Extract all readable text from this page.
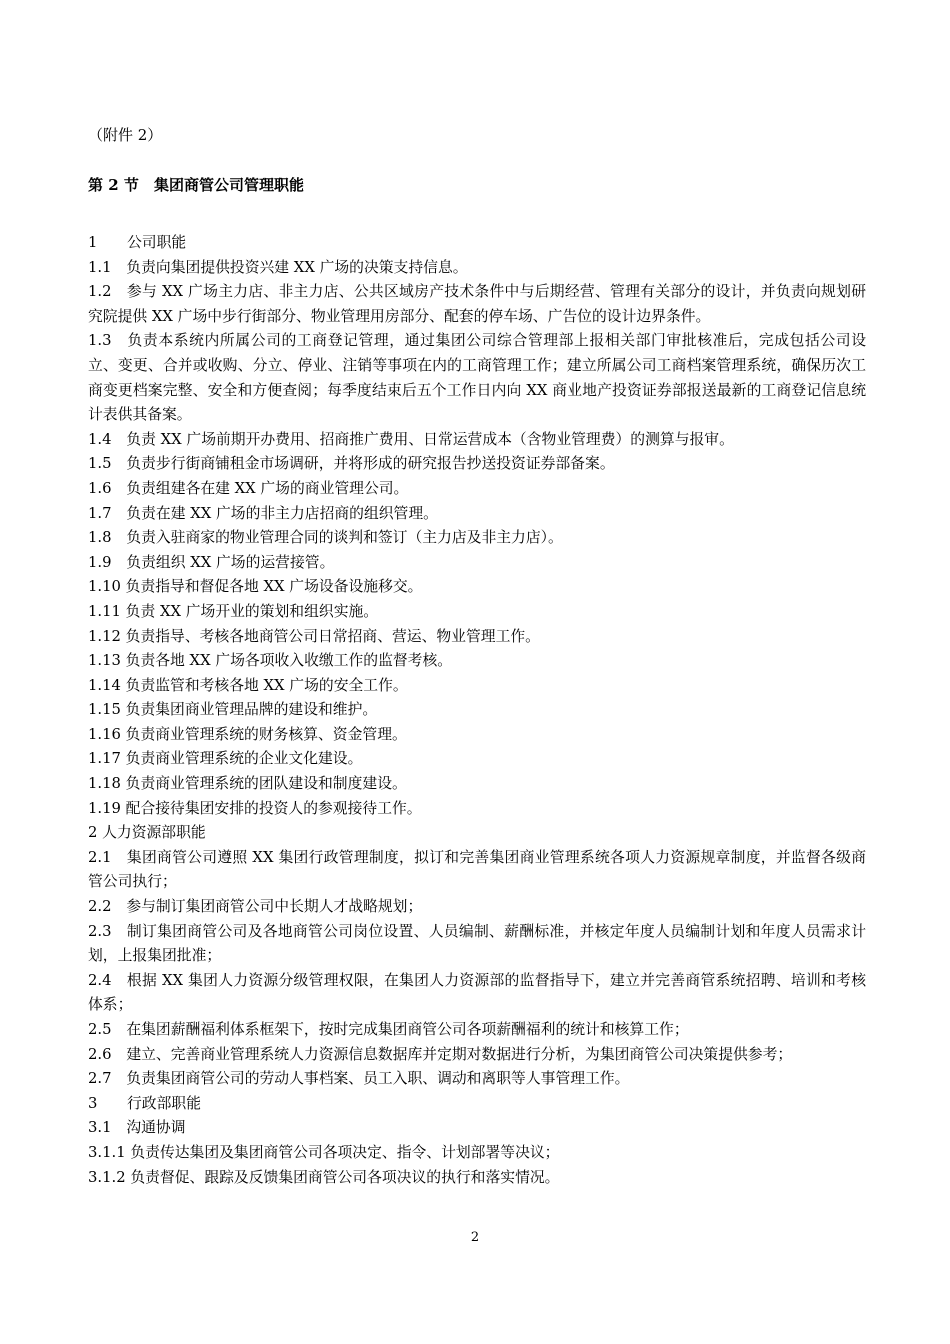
（附件 2）
第 2 节 集团商管公司管理职能

1　　公司职能

1.1　负责向集团提供投资兴建 XX 广场的决策支持信息。

1.2　参与 XX 广场主力店、非主力店、公共区域房产技术条件中与后期经营、管理有关部分的设计，并负责向规划研究院提供 XX 广场中步行街部分、物业管理用房部分、配套的停车场、广告位的设计边界条件。

1.3　负责本系统内所属公司的工商登记管理，通过集团公司综合管理部上报相关部门审批核准后，完成包括公司设立、变更、合并或收购、分立、停业、注销等事项在内的工商管理工作；建立所属公司工商档案管理系统，确保历次工商变更档案完整、安全和方便查阅；每季度结束后五个工作日内向 XX 商业地产投资证券部报送最新的工商登记信息统计表供其备案。

1.4　负责 XX 广场前期开办费用、招商推广费用、日常运营成本（含物业管理费）的测算与报审。

1.5　负责步行街商铺租金市场调研，并将形成的研究报告抄送投资证券部备案。

1.6　负责组建各在建 XX 广场的商业管理公司。

1.7　负责在建 XX 广场的非主力店招商的组织管理。

1.8　负责入驻商家的物业管理合同的谈判和签订（主力店及非主力店）。

1.9　负责组织 XX 广场的运营接管。

1.10 负责指导和督促各地 XX 广场设备设施移交。

1.11 负责 XX 广场开业的策划和组织实施。

1.12 负责指导、考核各地商管公司日常招商、营运、物业管理工作。

1.13 负责各地 XX 广场各项收入收缴工作的监督考核。

1.14 负责监管和考核各地 XX 广场的安全工作。

1.15 负责集团商业管理品牌的建设和维护。

1.16 负责商业管理系统的财务核算、资金管理。

1.17 负责商业管理系统的企业文化建设。

1.18 负责商业管理系统的团队建设和制度建设。

1.19 配合接待集团安排的投资人的参观接待工作。

2 人力资源部职能

2.1　集团商管公司遵照 XX 集团行政管理制度，拟订和完善集团商业管理系统各项人力资源规章制度，并监督各级商管公司执行；

2.2　参与制订集团商管公司中长期人才战略规划；

2.3　制订集团商管公司及各地商管公司岗位设置、人员编制、薪酬标准，并核定年度人员编制计划和年度人员需求计划，上报集团批准；

2.4　根据 XX 集团人力资源分级管理权限，在集团人力资源部的监督指导下，建立并完善商管系统招聘、培训和考核体系；

2.5　在集团薪酬福利体系框架下，按时完成集团商管公司各项薪酬福利的统计和核算工作；

2.6　建立、完善商业管理系统人力资源信息数据库并定期对数据进行分析，为集团商管公司决策提供参考；

2.7　负责集团商管公司的劳动人事档案、员工入职、调动和离职等人事管理工作。

3　　行政部职能

3.1　沟通协调

3.1.1 负责传达集团及集团商管公司各项决定、指令、计划部署等决议；

3.1.2 负责督促、跟踪及反馈集团商管公司各项决议的执行和落实情况。

2
